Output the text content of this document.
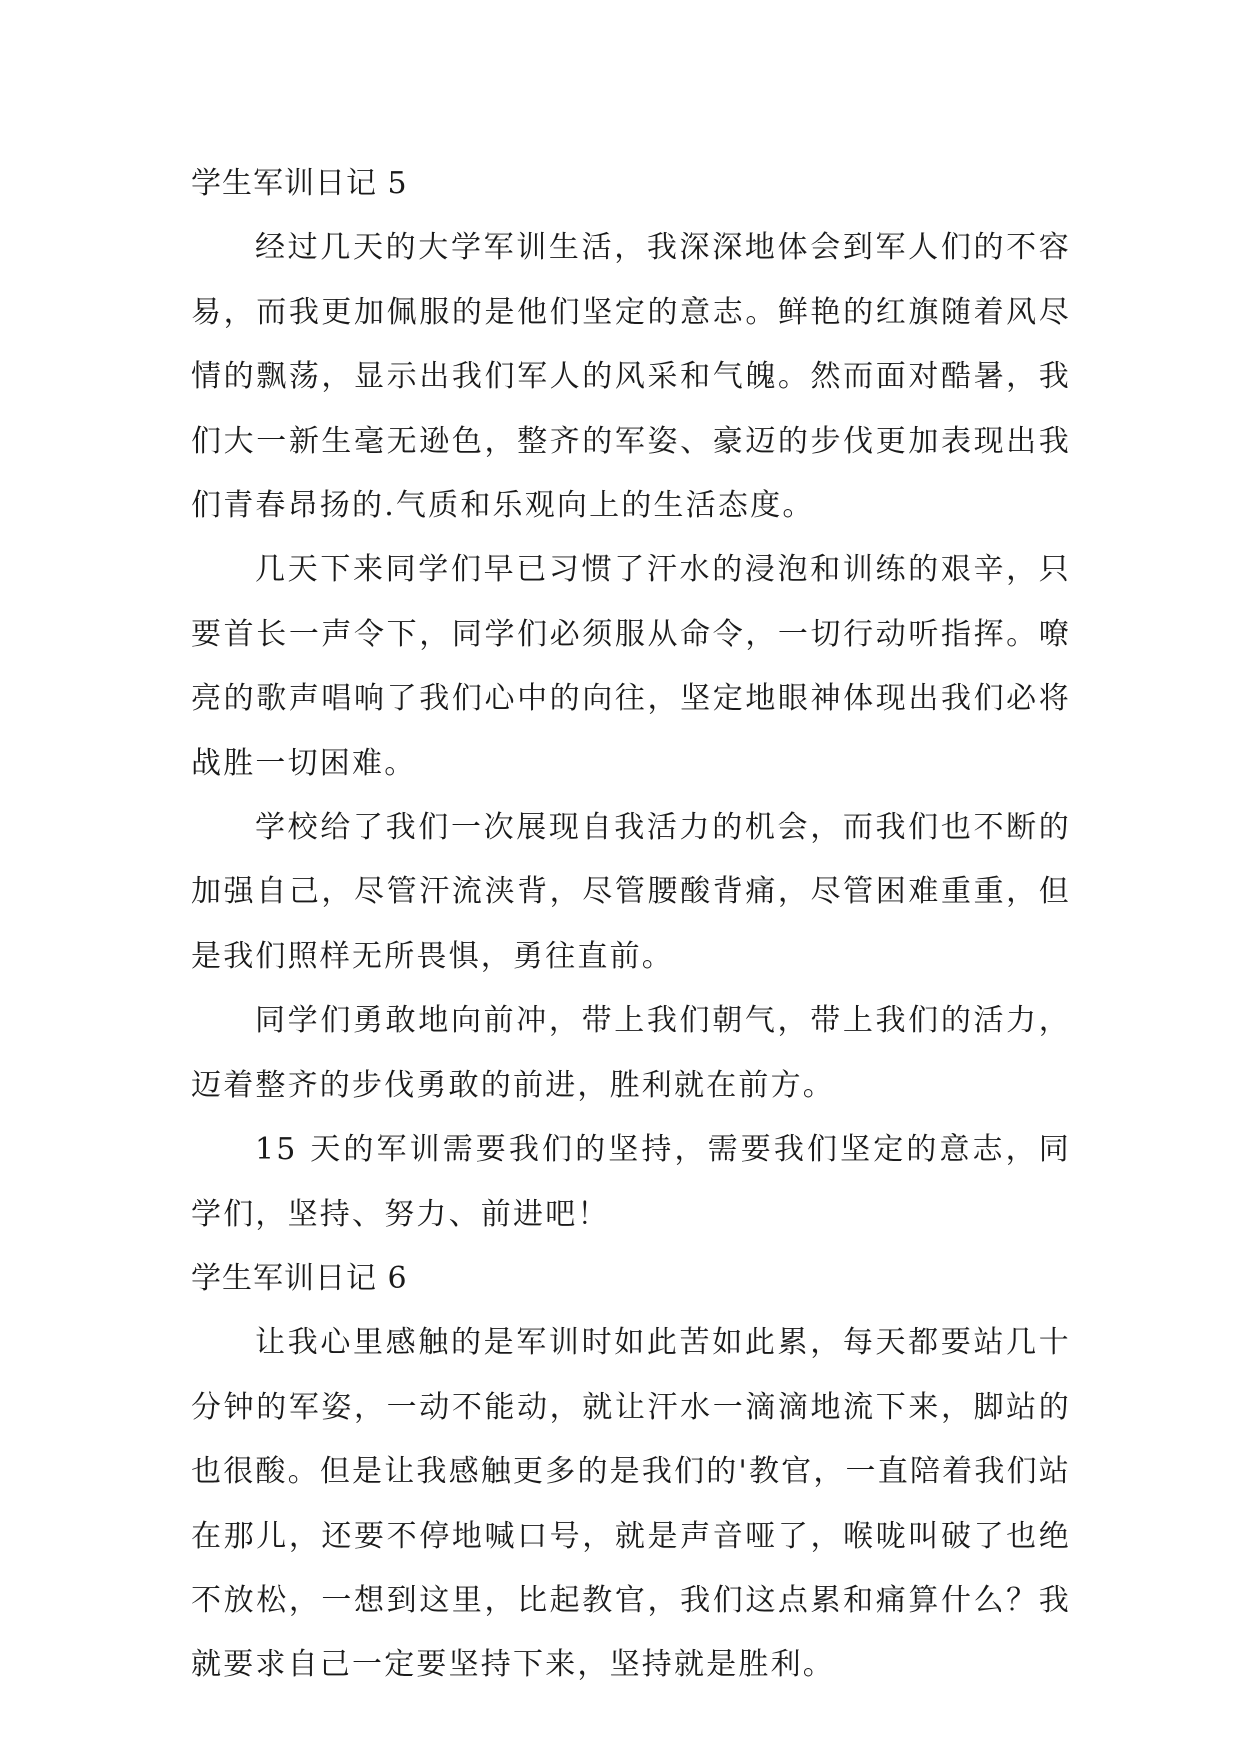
学生军训日记 5

经过几天的大学军训生活，我深深地体会到军人们的不容易，而我更加佩服的是他们坚定的意志。鲜艳的红旗随着风尽情的飘荡，显示出我们军人的风采和气魄。然而面对酷暑，我们大一新生毫无逊色，整齐的军姿、豪迈的步伐更加表现出我们青春昂扬的.气质和乐观向上的生活态度。

几天下来同学们早已习惯了汗水的浸泡和训练的艰辛，只要首长一声令下，同学们必须服从命令，一切行动听指挥。嘹亮的歌声唱响了我们心中的向往，坚定地眼神体现出我们必将战胜一切困难。

学校给了我们一次展现自我活力的机会，而我们也不断的加强自己，尽管汗流浃背，尽管腰酸背痛，尽管困难重重，但是我们照样无所畏惧，勇往直前。

同学们勇敢地向前冲，带上我们朝气，带上我们的活力，迈着整齐的步伐勇敢的前进，胜利就在前方。

15 天的军训需要我们的坚持，需要我们坚定的意志，同学们，坚持、努力、前进吧！

学生军训日记 6

让我心里感触的是军训时如此苦如此累，每天都要站几十分钟的军姿，一动不能动，就让汗水一滴滴地流下来，脚站的也很酸。但是让我感触更多的是我们的'教官，一直陪着我们站在那儿，还要不停地喊口号，就是声音哑了，喉咙叫破了也绝不放松，一想到这里，比起教官，我们这点累和痛算什么？我就要求自己一定要坚持下来，坚持就是胜利。
